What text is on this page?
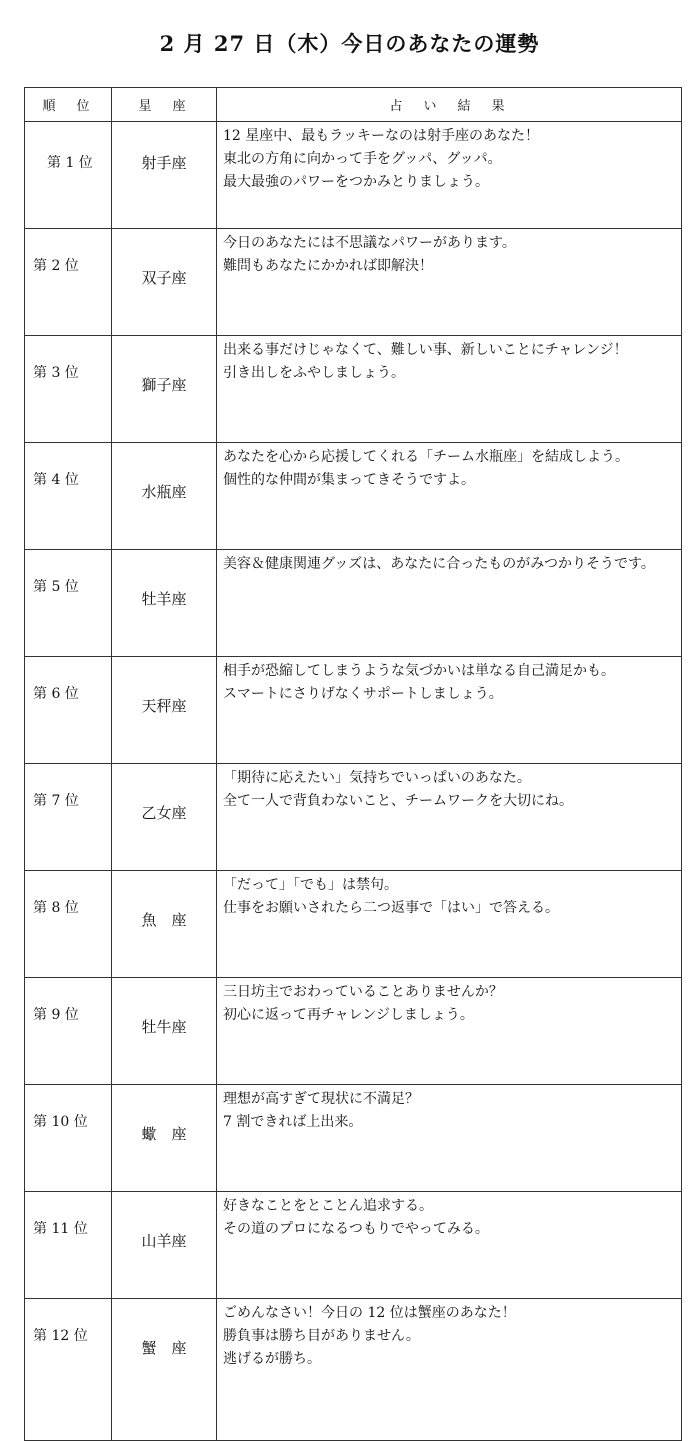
2 月 27 日（木）今日のあなたの運勢
順　位	星　座	占　い　結　果
第 1 位	射手座	12 星座中、最もラッキーなのは射手座のあなた！
東北の方角に向かって手をグッパ、グッパ。
最大最強のパワーをつかみとりましょう。

第 2 位	双子座	今日のあなたには不思議なパワーがあります。
難問もあなたにかかれば即解決！

第 3 位	獅子座	出来る事だけじゃなくて、難しい事、新しいことにチャレンジ！
引き出しをふやしましょう。

第 4 位	水瓶座	あなたを心から応援してくれる「チーム水瓶座」を結成しよう。
個性的な仲間が集まってきそうですよ。

第 5 位	牡羊座	美容＆健康関連グッズは、あなたに合ったものがみつかりそうです。

第 6 位	天秤座	相手が恐縮してしまうような気づかいは単なる自己満足かも。
スマートにさりげなくサポートしましょう。

第 7 位	乙女座	「期待に応えたい」気持ちでいっぱいのあなた。
全て一人で背負わないこと、チームワークを大切にね。

第 8 位	魚　座	「だって」「でも」は禁句。
仕事をお願いされたら二つ返事で「はい」で答える。

第 9 位	牡牛座	三日坊主でおわっていることありませんか？
初心に返って再チャレンジしましょう。

第 10 位	蠍　座	理想が高すぎて現状に不満足？
7 割できれば上出来。

第 11 位	山羊座	好きなことをとことん追求する。
その道のプロになるつもりでやってみる。

第 12 位	蟹　座	ごめんなさい！今日の 12 位は蟹座のあなた！
勝負事は勝ち目がありません。
逃げるが勝ち。
